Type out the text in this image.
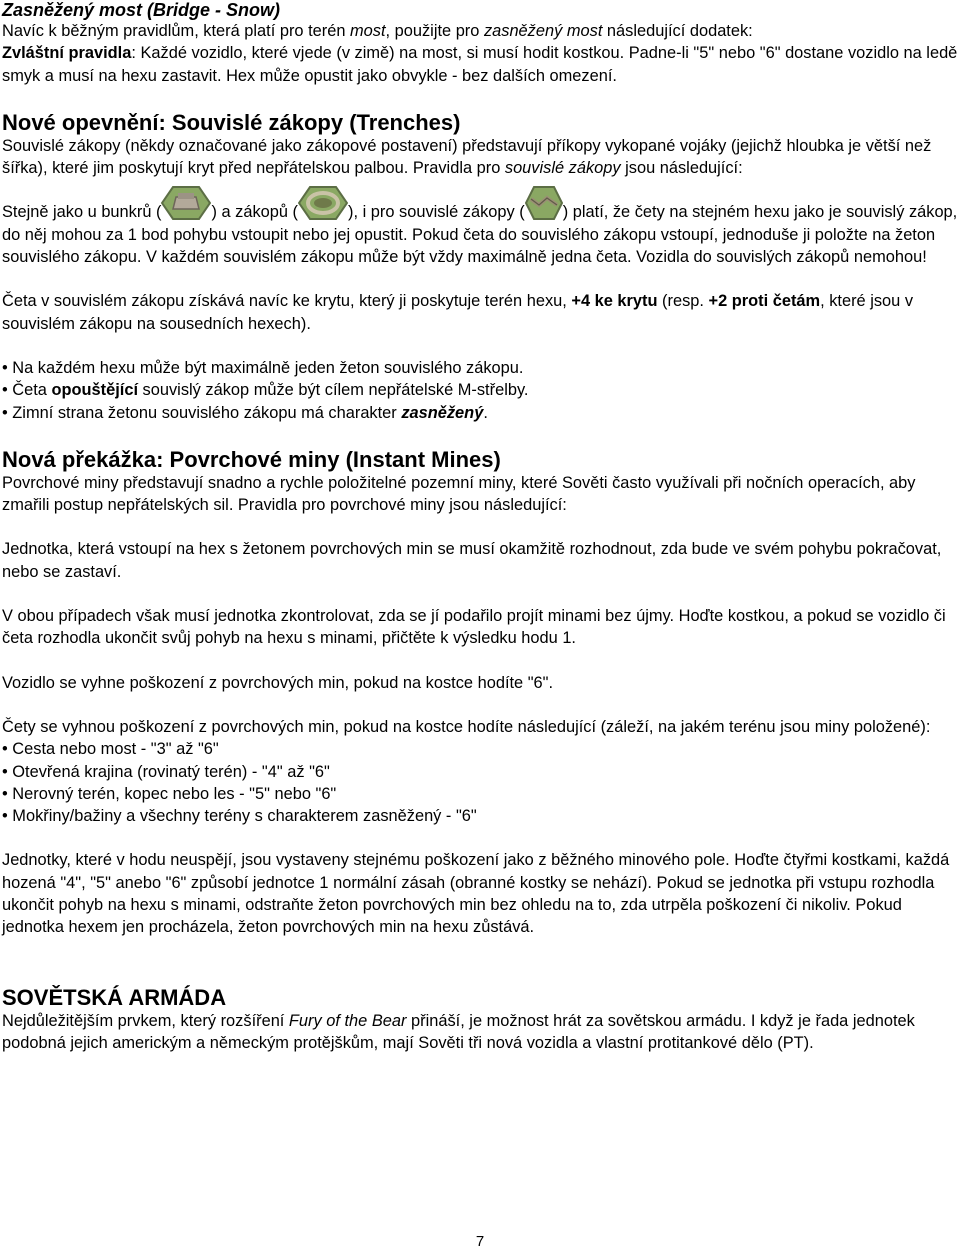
Zasněžený most (Bridge - Snow)

Navíc k běžným pravidlům, která platí pro terén most, použijte pro zasněžený most následující dodatek:
Zvláštní pravidla: Každé vozidlo, které vjede (v zimě) na most, si musí hodit kostkou. Padne-li "5" nebo "6" dostane vozidlo na ledě smyk a musí na hexu zastavit. Hex může opustit jako obvykle - bez dalších omezení.

Nové opevnění: Souvislé zákopy (Trenches)

Souvislé zákopy (někdy označované jako zákopové postavení) představují příkopy vykopané vojáky (jejichž hloubka je větší než šířka), které jim poskytují kryt před nepřátelskou palbou. Pravidla pro souvislé zákopy jsou následující:

Stejně jako u bunkrů (	) a zákopů (	), i pro souvislé zákopy ( ) platí, že čety na stejném hexu jako je souvislý zákop, do něj mohou za 1 bod pohybu vstoupit nebo jej opustit. Pokud četa do souvislého zákopu vstoupí, jednoduše ji položte na žeton souvislého zákopu. V každém souvislém zákopu může být vždy maximálně jedna četa. Vozidla do souvislých zákopů nemohou!

Četa v souvislém zákopu získává navíc ke krytu, který ji poskytuje terén hexu, +4 ke krytu (resp. +2 proti četám, které jsou v souvislém zákopu na sousedních hexech).

• Na každém hexu může být maximálně jeden žeton souvislého zákopu.
• Četa opouštějící souvislý zákop může být cílem nepřátelské M-střelby.
• Zimní strana žetonu souvislého zákopu má charakter zasněžený.
Nová překážka: Povrchové miny (Instant Mines)

Povrchové miny představují snadno a rychle položitelné pozemní miny, které Sověti často využívali při nočních operacích, aby zmařili postup nepřátelských sil. Pravidla pro povrchové miny jsou následující:

Jednotka, která vstoupí na hex s žetonem povrchových min se musí okamžitě rozhodnout, zda bude ve svém pohybu pokračovat, nebo se zastaví.

V obou případech však musí jednotka zkontrolovat, zda se jí podařilo projít minami bez újmy. Hoďte kostkou, a pokud se vozidlo či četa rozhodla ukončit svůj pohyb na hexu s minami, přičtěte k výsledku hodu 1.

Vozidlo se vyhne poškození z povrchových min, pokud na kostce hodíte "6".

Čety se vyhnou poškození z povrchových min, pokud na kostce hodíte následující (záleží, na jakém terénu jsou miny položené):

• Cesta nebo most - "3" až "6"
• Otevřená krajina (rovinatý terén) - "4" až "6"
• Nerovný terén, kopec nebo les - "5" nebo "6"
• Mokřiny/bažiny a všechny terény s charakterem zasněžený - "6"

Jednotky, které v hodu neuspějí, jsou vystaveny stejnému poškození jako z běžného minového pole. Hoďte čtyřmi kostkami, každá hozená "4", "5" anebo "6" způsobí jednotce 1 normální zásah (obranné kostky se nehází). Pokud se jednotka při vstupu rozhodla ukončit pohyb na hexu s minami, odstraňte žeton povrchových min bez ohledu na to, zda utrpěla poškození či nikoliv. Pokud jednotka hexem jen procházela, žeton povrchových min na hexu zůstává.

SOVĚTSKÁ ARMÁDA

Nejdůležitějším prvkem, který rozšíření Fury of the Bear přináší, je možnost hrát za sovětskou armádu. I když je řada jednotek podobná jejich americkým a německým protějškům, mají Sověti tři nová vozidla a vlastní protitankové dělo (PT).

7
